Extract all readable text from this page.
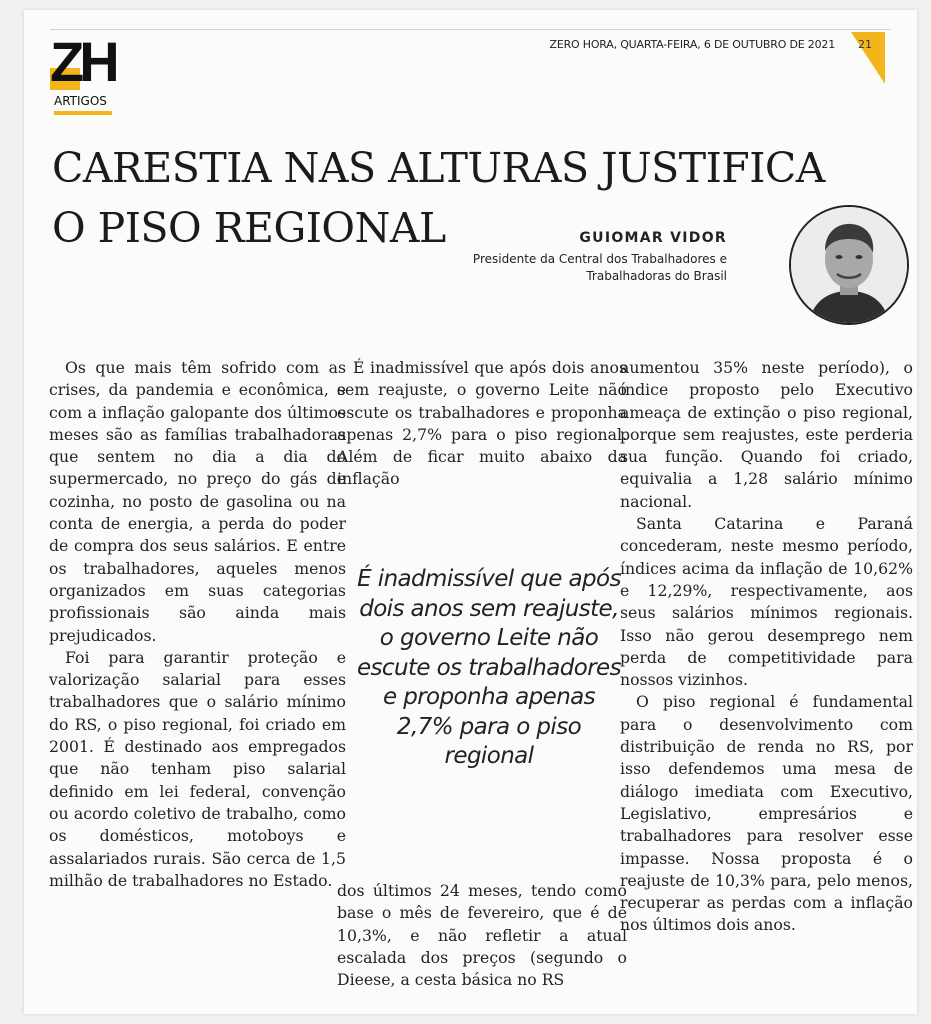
ZH
ARTIGOS
ZERO HORA, QUARTA-FEIRA, 6 DE OUTUBRO DE 2021 21
CARESTIA NAS ALTURAS JUSTIFICA
O PISO REGIONAL	GUIOMAR VIDOR
Presidente da Central dos Trabalhadores e
Trabalhadoras do Brasil

Os que mais têm sofrido com as crises, da pandemia e econômica, e com a inflação galopante dos últimos meses são as famílias trabalhadoras que sentem no dia a dia do supermercado, no preço do gás de cozinha, no posto de gasolina ou na conta de energia, a perda do poder de compra dos seus salários. E entre os trabalhadores, aqueles menos organizados em suas categorias profissionais são ainda mais prejudicados.

Foi para garantir proteção e valorização salarial para esses trabalhadores que o salário mínimo do RS, o piso regional, foi criado em 2001. É destinado aos empregados que não tenham piso salarial definido em lei federal, convenção ou acordo coletivo de trabalho, como os domésticos, motoboys e assalariados rurais. São cerca de 1,5 milhão de trabalhadores no Estado.

É inadmissível que após dois anos sem reajuste, o governo Leite não escute os trabalhadores e proponha apenas 2,7% para o piso regional. Além de ficar muito abaixo da inflação

É inadmissível que após dois anos sem reajuste, o governo Leite não escute os trabalhadores e proponha apenas 2,7% para o piso regional

dos últimos 24 meses, tendo como base o mês de fevereiro, que é de 10,3%, e não refletir a atual escalada dos preços (segundo o Dieese, a cesta básica no RS

aumentou 35% neste período), o índice proposto pelo Executivo ameaça de extinção o piso regional, porque sem reajustes, este perderia sua função. Quando foi criado, equivalia a 1,28 salário mínimo nacional.

Santa Catarina e Paraná concederam, neste mesmo período, índices acima da inflação de 10,62% e 12,29%, respectivamente, aos seus salários mínimos regionais. Isso não gerou desemprego nem perda de competitividade para nossos vizinhos.

O piso regional é fundamental para o desenvolvimento com distribuição de renda no RS, por isso defendemos uma mesa de diálogo imediata com Executivo, Legislativo, empresários e trabalhadores para resolver esse impasse. Nossa proposta é o reajuste de 10,3% para, pelo menos, recuperar as perdas com a inflação nos últimos dois anos.
